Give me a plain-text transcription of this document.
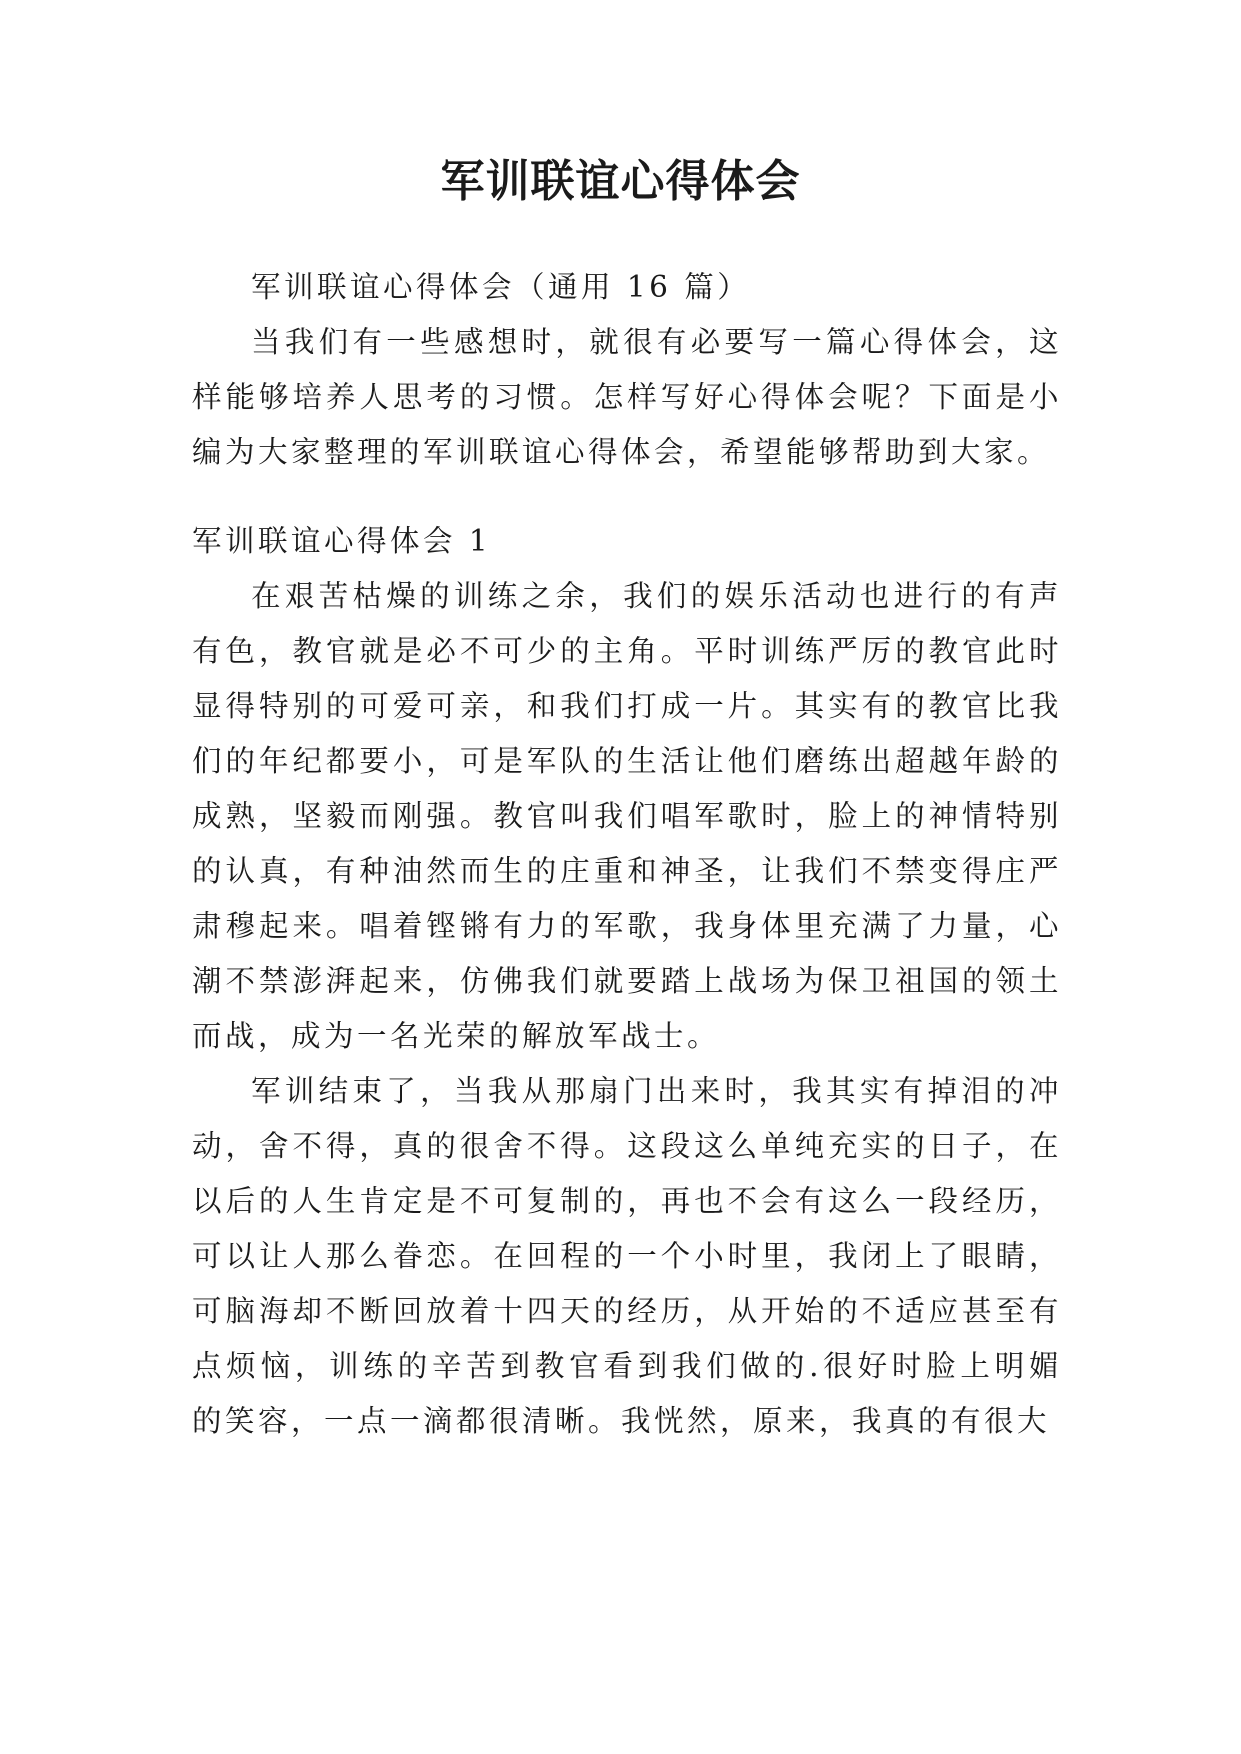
军训联谊心得体会

军训联谊心得体会（通用 16 篇）

当我们有一些感想时，就很有必要写一篇心得体会，这样能够培养人思考的习惯。怎样写好心得体会呢？下面是小编为大家整理的军训联谊心得体会，希望能够帮助到大家。

军训联谊心得体会 1

在艰苦枯燥的训练之余，我们的娱乐活动也进行的有声有色，教官就是必不可少的主角。平时训练严厉的教官此时显得特别的可爱可亲，和我们打成一片。其实有的教官比我们的年纪都要小，可是军队的生活让他们磨练出超越年龄的成熟，坚毅而刚强。教官叫我们唱军歌时，脸上的神情特别的认真，有种油然而生的庄重和神圣，让我们不禁变得庄严肃穆起来。唱着铿锵有力的军歌，我身体里充满了力量，心潮不禁澎湃起来，仿佛我们就要踏上战场为保卫祖国的领土而战，成为一名光荣的解放军战士。

军训结束了，当我从那扇门出来时，我其实有掉泪的冲动，舍不得，真的很舍不得。这段这么单纯充实的日子，在以后的人生肯定是不可复制的，再也不会有这么一段经历，可以让人那么眷恋。在回程的一个小时里，我闭上了眼睛，可脑海却不断回放着十四天的经历，从开始的不适应甚至有点烦恼，训练的辛苦到教官看到我们做的.很好时脸上明媚的笑容，一点一滴都很清晰。我恍然，原来，我真的有很大
